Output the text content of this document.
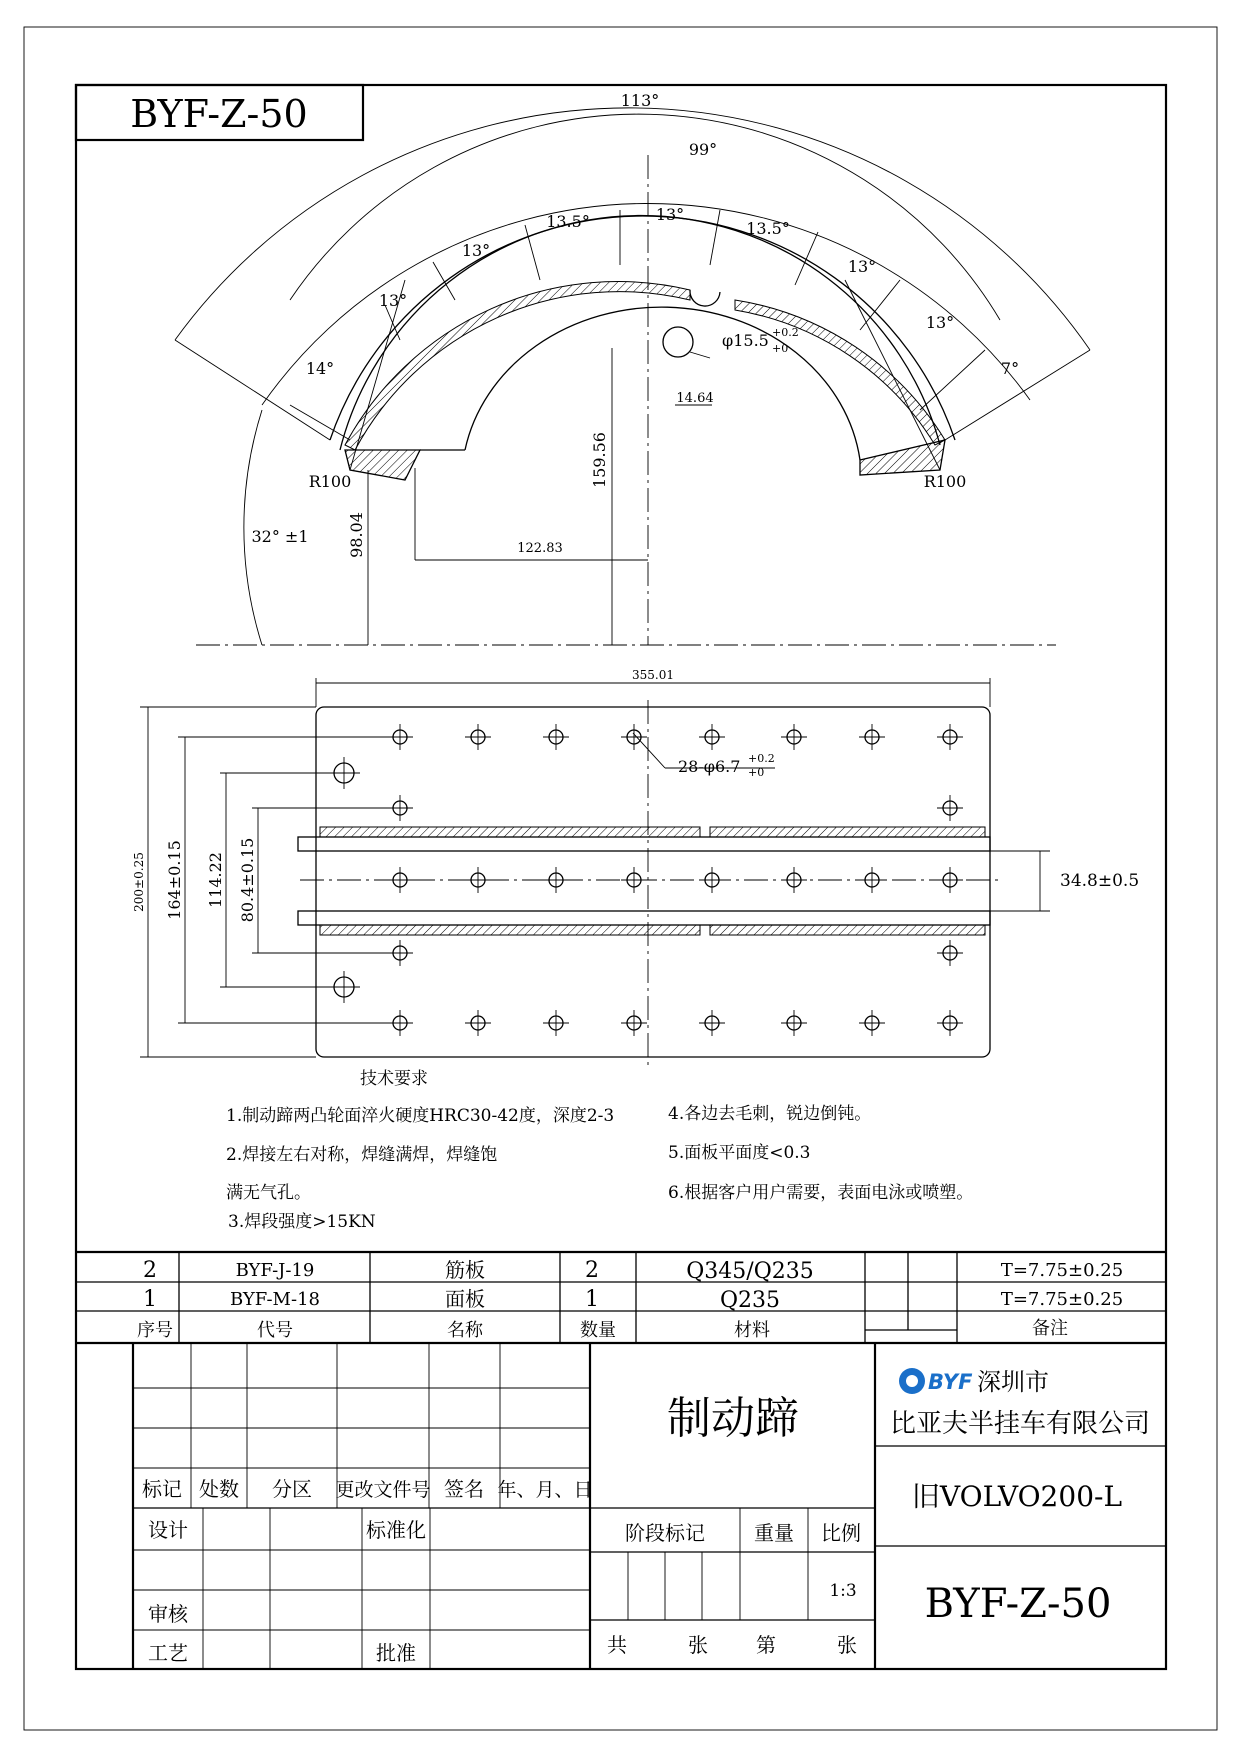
BYF-Z-50	113°
99°
13.5°	13°
13.5°
13°
13°
13°
13°
14°	7°
φ15.5 +0.2
+0
14.64
R100	R100
32° ±1
159.56
98.04	122.83
355.01
200±0.25 164±0.15 114.22 80.4±0.15	34.8±0.5
28-φ6.7 +0.2
+0
技术要求
1.制动蹄两凸轮面淬火硬度HRC30-42度，深度2-3
2.焊接左右对称，焊缝满焊，焊缝饱
满无气孔。
3.焊段强度>15KN
4.各边去毛刺，锐边倒钝。
5.面板平面度<0.3
6.根据客户用户需要，表面电泳或喷塑。
2	BYF-J-19	筋板	2	Q345/Q235	T=7.75±0.25
1	BYF-M-18	面板	1	Q235	T=7.75±0.25
序号	代号	名称	数量	材料	备注
标记 处数 分区 更改文件号 签名 年、月、日
设计	标准化
审核
工艺	批准
制动蹄
阶段标记 重量 比例
1:3
共	张 第	张
BYF 深圳市
比亚夫半挂车有限公司
旧VOLVO200-L
BYF-Z-50
